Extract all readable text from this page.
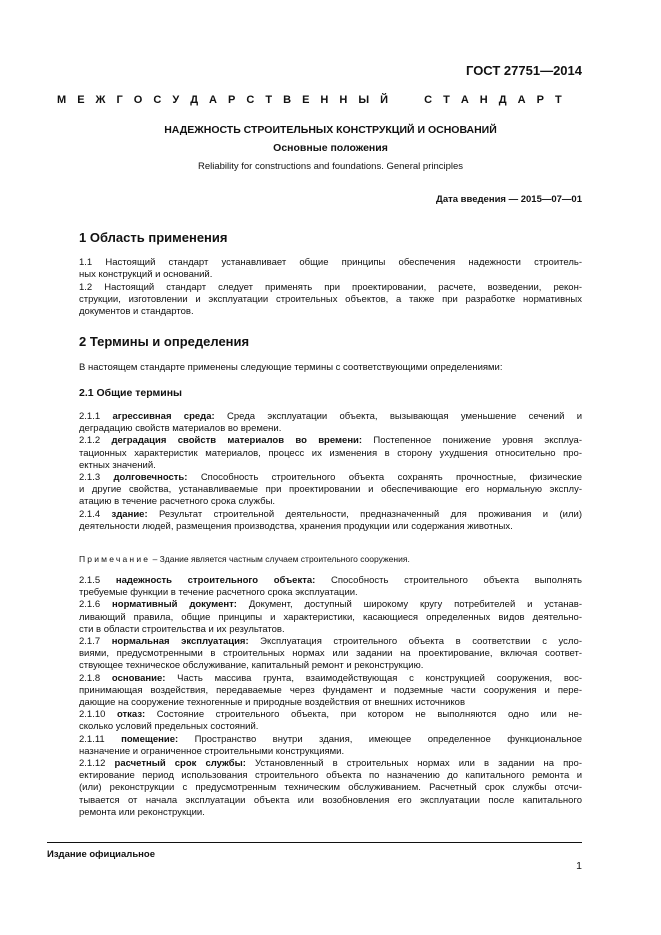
ГОСТ 27751—2014
М Е Ж Г О С У Д А Р С Т В Е Н Н Ы Й	С Т А Н Д А Р Т
НАДЕЖНОСТЬ СТРОИТЕЛЬНЫХ КОНСТРУКЦИЙ И ОСНОВАНИЙ
Основные положения
Reliability for constructions and foundations. General principles
Дата введения — 2015—07—01
1 Область применения
1.1 Настоящий стандарт устанавливает общие принципы обеспечения надежности строитель-
ных конструкций и оснований.
1.2 Настоящий стандарт следует применять при проектировании, расчете, возведении, рекон-
струкции, изготовлении и эксплуатации строительных объектов, а также при разработке нормативных
документов и стандартов.
2 Термины и определения
В настоящем стандарте применены следующие термины с соответствующими определениями:
2.1 Общие термины
2.1.1 агрессивная среда: Среда эксплуатации объекта, вызывающая уменьшение сечений и
деградацию свойств материалов во времени.
2.1.2 деградация свойств материалов во времени: Постепенное понижение уровня эксплуа-
тационных характеристик материалов, процесс их изменения в сторону ухудшения относительно про-
ектных значений.
2.1.3 долговечность: Способность строительного объекта сохранять прочностные, физические
и другие свойства, устанавливаемые при проектировании и обеспечивающие его нормальную эксплу-
атацию в течение расчетного срока службы.
2.1.4 здание: Результат строительной деятельности, предназначенный для проживания и (или)
деятельности людей, размещения производства, хранения продукции или содержания животных.
Примечание – Здание является частным случаем строительного сооружения.
2.1.5 надежность строительного объекта: Способность строительного объекта выполнять
требуемые функции в течение расчетного срока эксплуатации.
2.1.6 нормативный документ: Документ, доступный широкому кругу потребителей и устанав-
ливающий правила, общие принципы и характеристики, касающиеся определенных видов деятельно-
сти в области строительства и их результатов.
2.1.7 нормальная эксплуатация: Эксплуатация строительного объекта в соответствии с усло-
виями, предусмотренными в строительных нормах или задании на проектирование, включая соответ-
ствующее техническое обслуживание, капитальный ремонт и реконструкцию.
2.1.8 основание: Часть массива грунта, взаимодействующая с конструкцией сооружения, вос-
принимающая воздействия, передаваемые через фундамент и подземные части сооружения и пере-
дающие на сооружение техногенные и природные воздействия от внешних источников
2.1.10 отказ: Состояние строительного объекта, при котором не выполняются одно или не-
сколько условий предельных состояний.
2.1.11 помещение: Пространство внутри здания, имеющее определенное функциональное
назначение и ограниченное строительными конструкциями.
2.1.12 расчетный срок службы: Установленный в строительных нормах или в задании на про-
ектирование период использования строительного объекта по назначению до капитального ремонта и
(или) реконструкции с предусмотренным техническим обслуживанием. Расчетный срок службы отсчи-
тывается от начала эксплуатации объекта или возобновления его эксплуатации после капитального
ремонта или реконструкции.
Издание официальное
1
